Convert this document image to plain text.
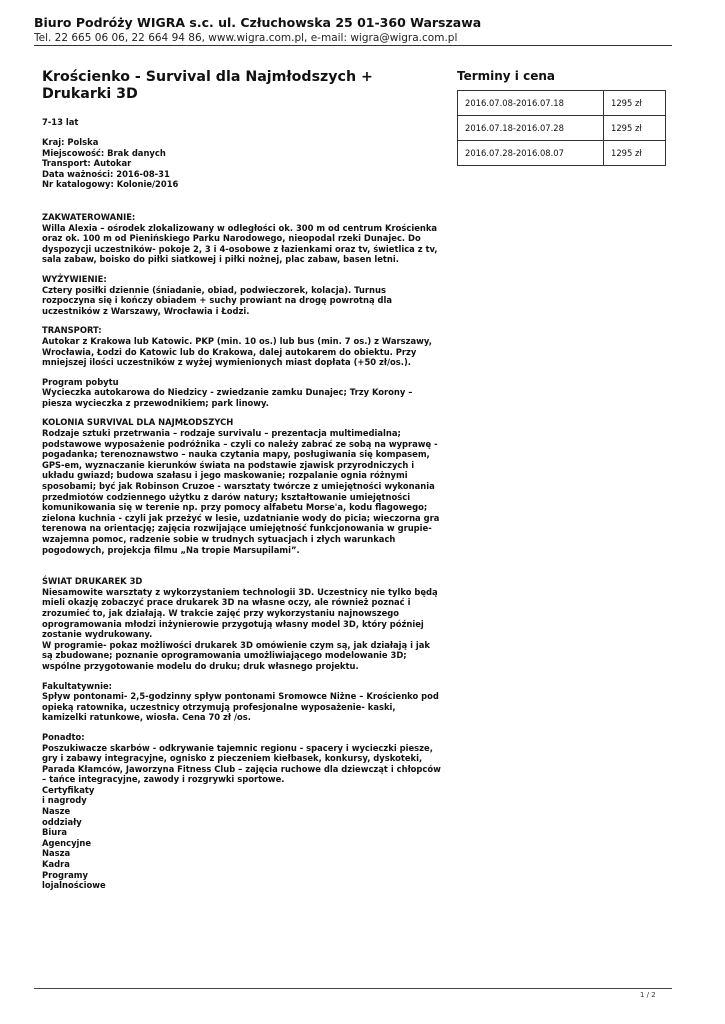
Biuro Podróży WIGRA s.c. ul. Człuchowska 25 01-360 Warszawa
Tel. 22 665 06 06, 22 664 94 86, www.wigra.com.pl, e-mail: wigra@wigra.com.pl
Krościenko - Survival dla Najmłodszych + Drukarki 3D
7-13 lat
Kraj: Polska
Miejscowość: Brak danych
Transport: Autokar
Data ważności: 2016-08-31
Nr katalogowy: Kolonie/2016

ZAKWATEROWANIE:

Willa Alexia – ośrodek zlokalizowany w odległości ok. 300 m od centrum Krościenka oraz ok. 100 m od Pienińskiego Parku Narodowego, nieopodal rzeki Dunajec. Do dyspozycji uczestników- pokoje 2, 3 i 4-osobowe z łazienkami oraz tv, świetlica z tv, sala zabaw, boisko do piłki siatkowej i piłki nożnej, plac zabaw, basen letni.

WYŻYWIENIE:

Cztery posiłki dziennie (śniadanie, obiad, podwieczorek, kolacja). Turnus rozpoczyna się i kończy obiadem + suchy prowiant na drogę powrotną dla uczestników z Warszawy, Wrocławia i Łodzi.

TRANSPORT:

Autokar z Krakowa lub Katowic. PKP (min. 10 os.) lub bus (min. 7 os.) z Warszawy, Wrocławia, Łodzi do Katowic lub do Krakowa, dalej autokarem do obiektu. Przy mniejszej ilości uczestników z wyżej wymienionych miast dopłata (+50 zł/os.).

Program pobytu

Wycieczka autokarowa do Niedzicy - zwiedzanie zamku Dunajec; Trzy Korony – piesza wycieczka z przewodnikiem; park linowy.

KOLONIA SURVIVAL DLA NAJMŁODSZYCH

Rodzaje sztuki przetrwania – rodzaje survivalu – prezentacja multimedialna; podstawowe wyposażenie podróżnika – czyli co należy zabrać ze sobą na wyprawę - pogadanka; terenoznawstwo – nauka czytania mapy, posługiwania się kompasem, GPS-em, wyznaczanie kierunków świata na podstawie zjawisk przyrodniczych i układu gwiazd; budowa szałasu i jego maskowanie; rozpalanie ognia różnymi sposobami; być jak Robinson Cruzoe - warsztaty twórcze z umiejętności wykonania przedmiotów codziennego użytku z darów natury; kształtowanie umiejętności komunikowania się w terenie np. przy pomocy alfabetu Morse'a, kodu flagowego; zielona kuchnia - czyli jak przeżyć w lesie, uzdatnianie wody do picia; wieczorna gra terenowa na orientację; zajęcia rozwijające umiejętność funkcjonowania w grupie- wzajemna pomoc, radzenie sobie w trudnych sytuacjach i złych warunkach pogodowych, projekcja filmu „Na tropie Marsupilami”.

ŚWIAT DRUKAREK 3D

Niesamowite warsztaty z wykorzystaniem technologii 3D. Uczestnicy nie tylko będą mieli okazję zobaczyć prace drukarek 3D na własne oczy, ale również poznać i zrozumieć to, jak działają. W trakcie zajęć przy wykorzystaniu najnowszego oprogramowania młodzi inżynierowie przygotują własny model 3D, który później zostanie wydrukowany.

W programie- pokaz możliwości drukarek 3D omówienie czym są, jak działają i jak są zbudowane; poznanie oprogramowania umożliwiającego modelowanie 3D; wspólne przygotowanie modelu do druku; druk własnego projektu.

Fakultatywnie:

Spływ pontonami- 2,5-godzinny spływ pontonami Sromowce Niżne – Krościenko pod opieką ratownika, uczestnicy otrzymują profesjonalne wyposażenie- kaski, kamizelki ratunkowe, wiosła. Cena 70 zł /os.

Ponadto:

Poszukiwacze skarbów - odkrywanie tajemnic regionu - spacery i wycieczki piesze, gry i zabawy integracyjne, ognisko z pieczeniem kiełbasek, konkursy, dyskoteki, Parada Kłamców, Jaworzyna Fitness Club – zajęcia ruchowe dla dziewcząt i chłopców – tańce integracyjne, zawody i rozgrywki sportowe.

Certyfikaty
i nagrody
Nasze
oddziały
Biura
Agencyjne
Nasza
Kadra
Programy
lojalnościowe
Terminy i cena
2016.07.08-2016.07.18	1295 zł
2016.07.18-2016.07.28	1295 zł
2016.07.28-2016.08.07	1295 zł
1 / 2
